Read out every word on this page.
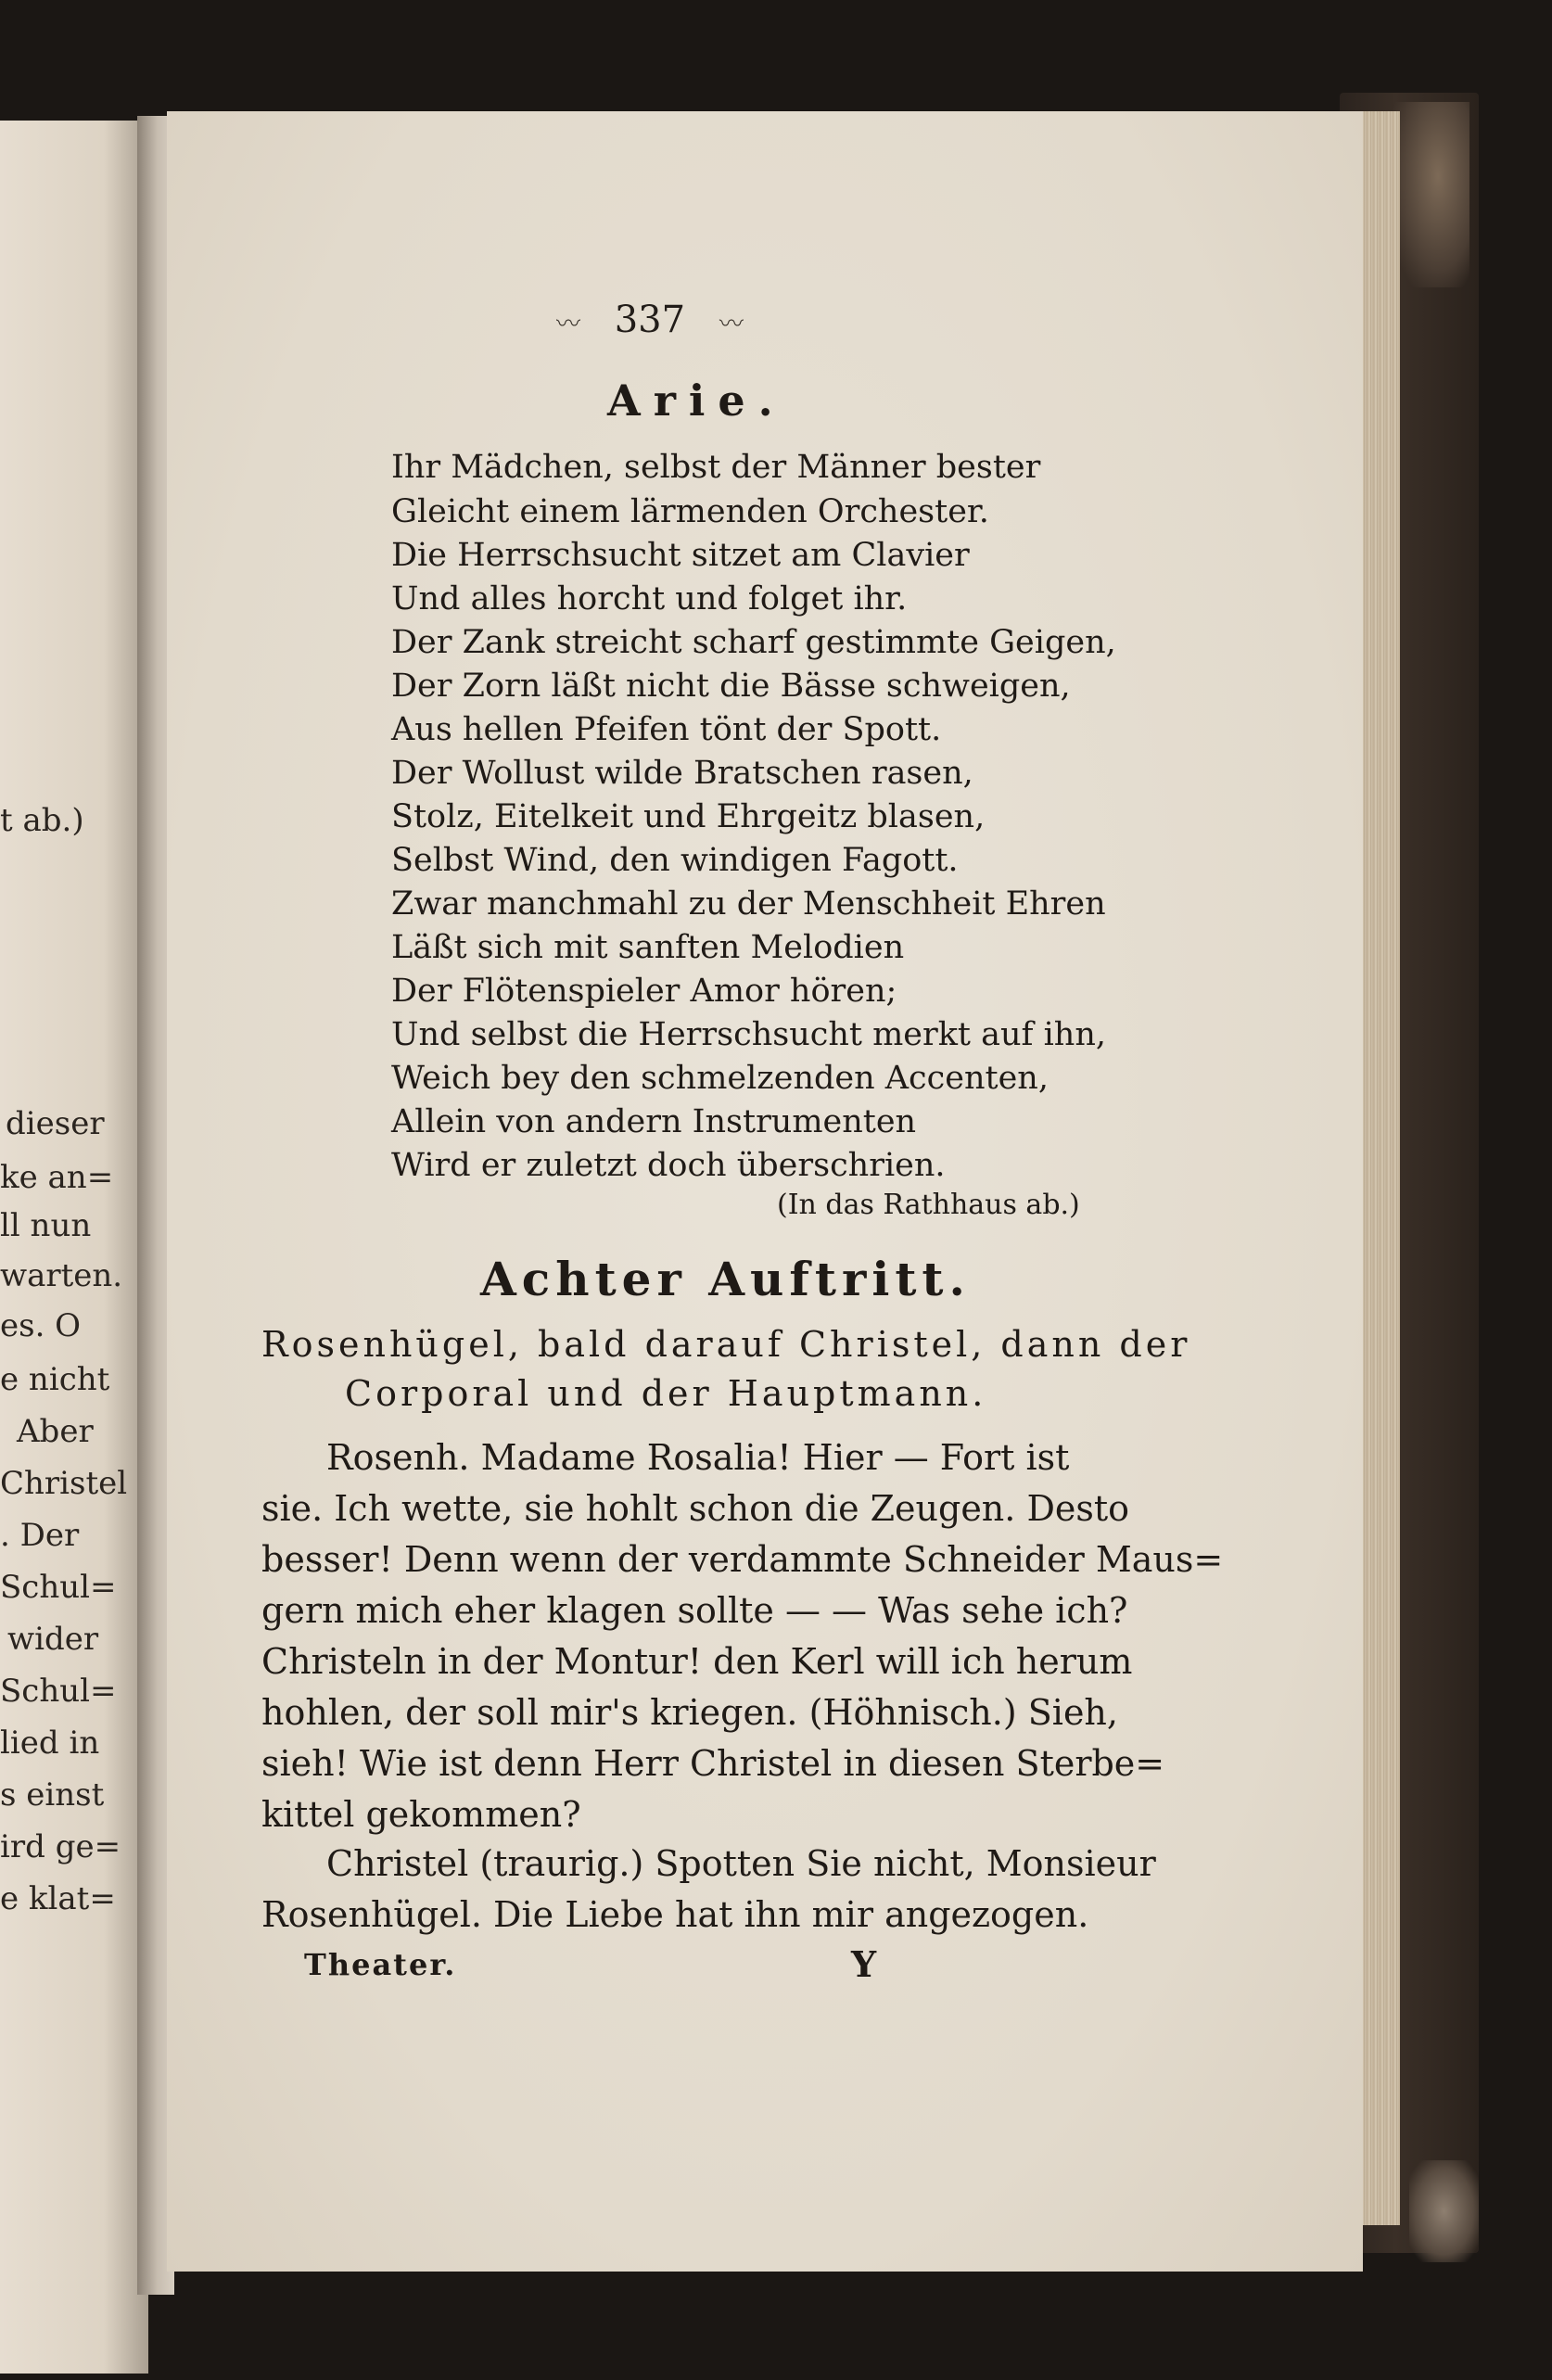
t ab.)
dieser
ke an=
ll nun
warten.
es. O
e nicht
Aber
Christel
. Der
Schul=
wider
Schul=
lied in
s einst
ird ge=
e klat=
〰 337 〰
Arie.
Ihr Mädchen, selbst der Männer bester
Gleicht einem lärmenden Orchester.
Die Herrschsucht sitzet am Clavier
Und alles horcht und folget ihr.
Der Zank streicht scharf gestimmte Geigen,
Der Zorn läßt nicht die Bässe schweigen,
Aus hellen Pfeifen tönt der Spott.
Der Wollust wilde Bratschen rasen,
Stolz, Eitelkeit und Ehrgeitz blasen,
Selbst Wind, den windigen Fagott.
Zwar manchmahl zu der Menschheit Ehren
Läßt sich mit sanften Melodien
Der Flötenspieler Amor hören;
Und selbst die Herrschsucht merkt auf ihn,
Weich bey den schmelzenden Accenten,
Allein von andern Instrumenten
Wird er zuletzt doch überschrien.
(In das Rathhaus ab.)
Achter Auftritt.
Rosenhügel, bald darauf Christel, dann der
Corporal und der Hauptmann.
Rosenh. Madame Rosalia! Hier — Fort ist
sie. Ich wette, sie hohlt schon die Zeugen. Desto
besser! Denn wenn der verdammte Schneider Maus=
gern mich eher klagen sollte — — Was sehe ich?
Christeln in der Montur! den Kerl will ich herum
hohlen, der soll mir's kriegen. (Höhnisch.) Sieh,
sieh! Wie ist denn Herr Christel in diesen Sterbe=
kittel gekommen?
Christel (traurig.) Spotten Sie nicht, Monsieur
Rosenhügel. Die Liebe hat ihn mir angezogen.
Theater.	Y
